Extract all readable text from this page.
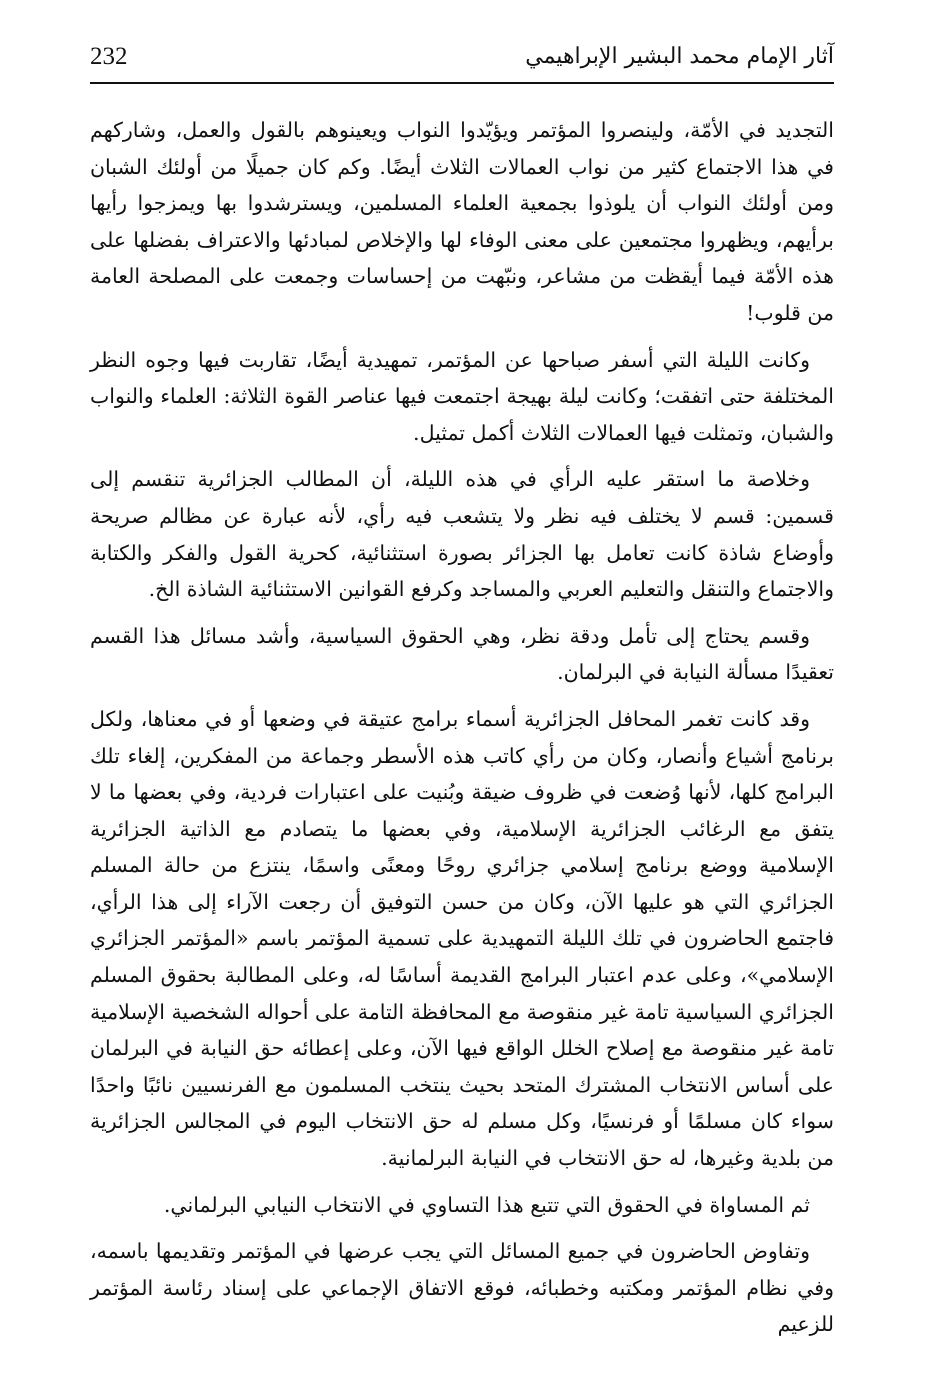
232	آثار الإمام محمد البشير الإبراهيمي

التجديد في الأمّة، ولينصروا المؤتمر ويؤيّدوا النواب ويعينوهم بالقول والعمل، وشاركهم في هذا الاجتماع كثير من نواب العمالات الثلاث أيضًا. وكم كان جميلًا من أولئك الشبان ومن أولئك النواب أن يلوذوا بجمعية العلماء المسلمين، ويسترشدوا بها ويمزجوا رأيها برأيهم، ويظهروا مجتمعين على معنى الوفاء لها والإخلاص لمبادئها والاعتراف بفضلها على هذه الأمّة فيما أيقظت من مشاعر، ونبّهت من إحساسات وجمعت على المصلحة العامة من قلوب!

وكانت الليلة التي أسفر صباحها عن المؤتمر، تمهيدية أيضًا، تقاربت فيها وجوه النظر المختلفة حتى اتفقت؛ وكانت ليلة بهيجة اجتمعت فيها عناصر القوة الثلاثة: العلماء والنواب والشبان، وتمثلت فيها العمالات الثلاث أكمل تمثيل.

وخلاصة ما استقر عليه الرأي في هذه الليلة، أن المطالب الجزائرية تنقسم إلى قسمين: قسم لا يختلف فيه نظر ولا يتشعب فيه رأي، لأنه عبارة عن مظالم صريحة وأوضاع شاذة كانت تعامل بها الجزائر بصورة استثنائية، كحرية القول والفكر والكتابة والاجتماع والتنقل والتعليم العربي والمساجد وكرفع القوانين الاستثنائية الشاذة الخ.

وقسم يحتاج إلى تأمل ودقة نظر، وهي الحقوق السياسية، وأشد مسائل هذا القسم تعقيدًا مسألة النيابة في البرلمان.

وقد كانت تغمر المحافل الجزائرية أسماء برامج عتيقة في وضعها أو في معناها، ولكل برنامج أشياع وأنصار، وكان من رأي كاتب هذه الأسطر وجماعة من المفكرين، إلغاء تلك البرامج كلها، لأنها وُضعت في ظروف ضيقة وبُنيت على اعتبارات فردية، وفي بعضها ما لا يتفق مع الرغائب الجزائرية الإسلامية، وفي بعضها ما يتصادم مع الذاتية الجزائرية الإسلامية ووضع برنامج إسلامي جزائري روحًا ومعنًى واسمًا، ينتزع من حالة المسلم الجزائري التي هو عليها الآن، وكان من حسن التوفيق أن رجعت الآراء إلى هذا الرأي، فاجتمع الحاضرون في تلك الليلة التمهيدية على تسمية المؤتمر باسم «المؤتمر الجزائري الإسلامي»، وعلى عدم اعتبار البرامج القديمة أساسًا له، وعلى المطالبة بحقوق المسلم الجزائري السياسية تامة غير منقوصة مع المحافظة التامة على أحواله الشخصية الإسلامية تامة غير منقوصة مع إصلاح الخلل الواقع فيها الآن، وعلى إعطائه حق النيابة في البرلمان على أساس الانتخاب المشترك المتحد بحيث ينتخب المسلمون مع الفرنسيين نائبًا واحدًا سواء كان مسلمًا أو فرنسيًا، وكل مسلم له حق الانتخاب اليوم في المجالس الجزائرية من بلدية وغيرها، له حق الانتخاب في النيابة البرلمانية.

ثم المساواة في الحقوق التي تتبع هذا التساوي في الانتخاب النيابي البرلماني.

وتفاوض الحاضرون في جميع المسائل التي يجب عرضها في المؤتمر وتقديمها باسمه، وفي نظام المؤتمر ومكتبه وخطبائه، فوقع الاتفاق الإجماعي على إسناد رئاسة المؤتمر للزعيم
